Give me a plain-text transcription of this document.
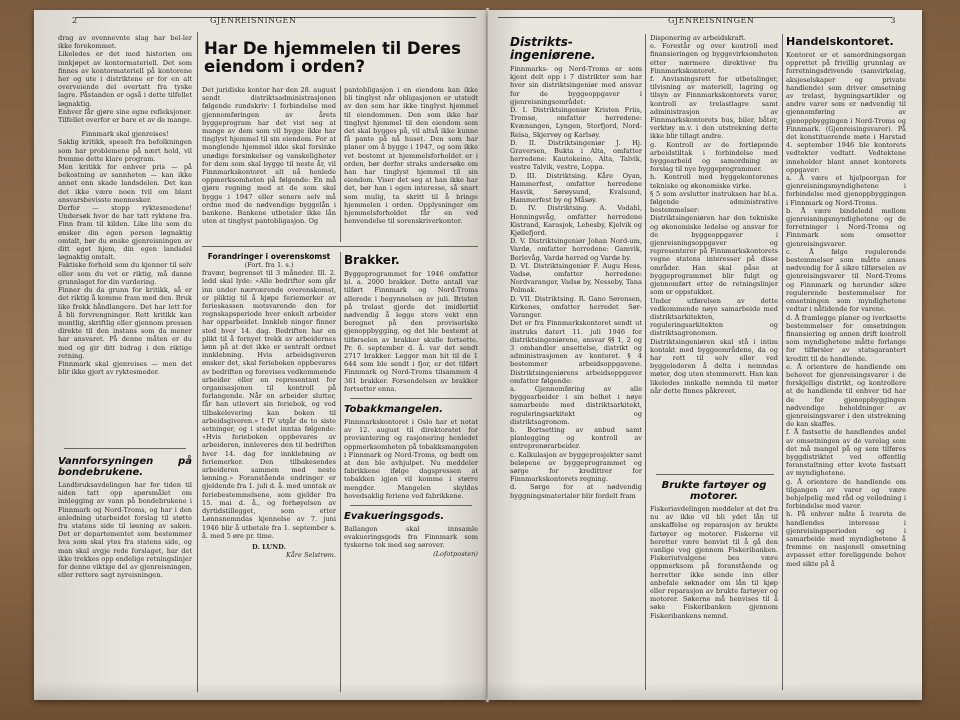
2	GJENREISNINGEN

drag av ovennevnte slag har bel-ler ikke forekommet.

Likeledes er det med historien om innkjøpet av kontormateriell. Det som finnes av kontormateriell på kontorene her og ute i distriktene er for en alt overveiende del overtatt fra tyske lagre. Påstanden er også i dette tilfellet løgnaktig.

Enhver får gjøre sine egne refleksjoner. Tilfellet overfor er bare et av de mange.

Finnmark skal gjenreises!

Saklig kritikk, speselt fra befolkningen som har problemene på nært hold, vil fremme dette klare program.

Men kritikk for enhver pris — på bekostning av sannheten — kan ikke annet enn skade landsdelen. Det kan det ikke være noen tvil om blant ansvarsbevisste mennesker.

Derfor — stopp ryktesmedene! Undersøk hvor de har tatt ryktene fra. Finn fram til kilden. Like lite som du ønsker din egen person løgnaktig omtalt, bør du ønske gjenreisningen av ditt eget hjem, din egen landsdel løgnaktig omtalt.

Faktiske forhold som du kjenner til selv eller som du vet er riktig, må danne grunnlaget for din vurdering.

Finner du da grunn for kritikk, så er det riktig å komme fram med den. Bruk like frekk håndlangere. Det har lett for å bli forvrengninger. Rett kritikk kan muntlig, skriftlig eller gjennom pressen direkte til den instans som da mener har ansvaret. På denne måten er du med og gir ditt bidrag i den riktige retning.

Finnmark skal gjenreises — men det blir ikke gjort av ryktesmeder.

Vannforsyningen på bondebrukene.

Landbruksavdelingen har for tiden til siden tatt opp spørsmålet om innlegging av vann på bondebrukene i Finnmark og Nord-Troms, og har i den anledning utarbeidet forslag til støtte fra statens side til løsning av saken. Det er departementet som bestemmer hva som skal ytes fra statens side, og man skal avgje rede forslaget, har det ikke trekkes opp endelige retningslinjer for denne viktige del av gjenreisningen, eller rettere sagt nyreisningen.

Har De hjemmelen til Deres eiendom i orden?

Det juridiske kontor har den 28. august sendt distriktsadministrasjonen følgende rundskriv: I forbindelse med gjennomføringen av årets byggeprogram har det vist seg at mange av dem som vil bygge ikke har tinglyst hjemmel til sin eiendom. For at manglende hjemmel ikke skal forsinke unødige forsinkelser og vanskeligheter for dem som skal bygge til neste år, vil Finnmarkskontoret alt nå henlede oppmerksomheten på følgende: En må gjøre regning med at de som skal bygge i 1947 eller senere selv må ordne med de nødvendige byggelån i bankene. Bankene utbetaler ikke lån uten at tinglyst pantobligasjon. Og

pantobligasjon i en eiendom kan ikke bli tinglyst når obligasjonen er utstedt av den som har ikke tinglyst hjemmel til eiendommen. Den som ikke har tinglyst hjemmel til den eiendom som det skal bygges på, vil altså ikke kunne få pante på nå huset. Den som har planer om å bygge i 1947, og som ikke vet bestemt at hjemmelsforholdet er i orden, bør derfor straks undersøke om han har tinglyst hjemmel til sin eiendom. Viser det seg at han ikke har det, bør han i egen interesse, så snart som mulig, ta skritt til å bringe hjemmelen i orden. Opplysninger om hjemmelsforholdet får en ved henvendelse til sorenskriverkontor.

Forandringer i overenskomst
(Fort. fra 1. s.)

fravær, begrenset til 3 måneder. Ill. 2. ledd skal lyde: «Alle bedrifter som går inn under nærværende overenskomst, er pliktig til å kjøpe feriemerker av ferieskassen motsvarende den for regnskapsperiode hver enkelt arbeider har opparbeidet. Innkleb ninger finner sted hver 14. dag. Bedriften har en plikt til å fornyet trekk av arbeidernes lønn på at det ikke er sentralt ordnet innklebning. Hvis arbeidsgiveren ønsker det, skal ferieboken oppbevares av bedriften og forevises vedkommende arbeider eller en representant for organisasjonen til kontroll på forlangende. Når en arbeider slutter, får han utlevert sin feriebok, og ved tilbakelevering kan boken til arbeidsgiveren.» I IV utgår de to siste setninger, og i stedet inntas følgende: «Hvis ferieboken oppbevares av arbeideren, innleveres den til bedriften hver 14. dag for innklebning av feriemerker. Den tilbakesendes arbeideren sammen med neste lønning.» Foranstående endringer er gjeldende fra 1. juli d. å. med unntak av feriebestemmelsene, som gjelder fra 15. mai d. å., og forhøyelsen av dyrtidstillegget, som etter Lønnsnemndas kjennelse av 7. juni 1946 blir å utbetale fra 1. september s. å. med 5 øre pr. time.

D. LUND.

Kåre Selstrøm.

Brakker.

Byggeprogrammet for 1946 omfatter bl. a. 2000 brakker. Dette antall var tilført Finnmark og Nord-Troms allerede i begynnelsen av juli. Bristen på trelast gjorde det imidlertid nødvendig å legge store vekt enn beregnet på den provisoriske gjenoppbygging, og det ble bestemt at tilførselen av brakker skulle fortsette. Pr. 6. september d. å. var det sendt 2717 brakker. Legger man hit til de 1 644 som ble sendt i fjor, er det tilført Finnmark og Nord-Troms tilsammen 4 361 brakker. Forsendelsen av brakker fortsetter enna.

Tobakkmangelen.

Finnmarkskontoret i Oslo har et notat av 12. august til direktoratet for proviantering og rasjonering henledet oppmerksomheten på tobakksmangelen i Finnmark og Nord-Troms, og bedt om at den ble avhjulpet. Nu meddeler fabrikkene ifølge dagspressen at tobakken igjen vil komme i større mengder. Mangelen skyldes hovedsaklig feriene ved fabrikkene.

Evakueringsgods.

Ballangen skal innsamle evakueringsgods fra Finnmark som tyskerne tok med seg sørover.

(Lofotposten)

GJENREISNINGEN	3
Distrikts-ingeniørene.

Finnmarks- og Nord-Troms er som kjent delt opp i 7 distrikter som har hver sin distriktsingeniør med ansvar for de byggeoppgaver i gjenreisningsområdet:

D. I. Distriktsingeniør Kristen Friis, Tromsø, omfatter herredene: Kvænangen, Lyngen, Storfjord, Nord-Reisa, Skjervøy og Karlsøy.

D. II. Distriktsingeniør J. Hj. Graversen, Bukta i Alta, omfatter herredene: Kautokeino, Alta, Talvik, vestre Talvik, vestre, Loppa.

D. III. Distriktsing. Kåre Oyan, Hammerfest, omfatter herredene Hasvik, Sørøysund, Kvalsund, Hammerfest by og Måsøy.

D. IV. Distriktsing. A. Vodahl, Honningsvåg, omfatter herredene Kistrand, Karasjok, Lebesby, Kjelvik og Kjøllefjord.

D. V. Distriktsingeniør Johan Nord-um, Vardø, omfatter herredene: Gamvik, Berlevåg, Vardø herred og Vardø by.

D. VI. Distriktsingeniør F. Augu Hess, Vadsø, omfatter herredene: Nordvaranger, Vadsø by, Nesseby, Tana Polmak.

D. VII. Distriktsing. R. Gano Sørensen, Kirkenes, omfatter herredet Sør-Varanger.

Det er fra Finnmarkskontoret sendt ut instruks datert 11. juli 1946 for distriktsingeniørene, ansvar §§ 1, 2 og 3 omhandler ansettelse, distrikt og administrasjonen av kontoret. § 4 bestemmer arbeidsoppgavene. Distriktsingeniørens arbeidsoppgaver omfatter følgende:

a. Gjennomføring av alle byggearbeider i sin helhet i nøye samarbeide med distriktsarkitekt, reguleringsarkitekt og distriktsagronom.

b. Bortsetting av anbud samt planlegging og kontroll av entreprenørarbeider.

c. Kalkulasjon av byggeprosjekter samt beløpene av byggeprogrammet og sørge for kredittrer for Finnmarkskontorets regning.

d. Sørge for at nødvendig byggningsmaterialer blir fordelt fram

Disponering av arbeidskraft.

e. Forestår og over kontroll med finansieringen og byggevirksomheten etter nærmere direktiver fra Finnmarkskontoret.

f. Anvisningsrett for utbetalinger, tilvisning av materiell, lagring og tilsyn av Finnmarkskontorets varer, kontroll av trelastlagre samt administrasjon av Finnmarkskontorets hus, biler, båter, verktøy m.v. i den utstrekning dette ikke blir tillagt andre.

g. Kontroll av de fortløpende arbeidstiltak i forbindelse med byggearbeid og samordning av forslag til nye byggeprogrammer.

h. Kontroll med byggekontorenes tekniske og økonomiske virke.

§ 5 som avslutter instruksen har bl.a. følgende administrative bestemmelser:

Distriktsingeniøren har den tekniske og økonomiske ledelse og ansvar for de byggeoppgaver i gjenreisningsoppgaver og representerer på Finnmarkskontorets vegne statens interesser på disse områder. Han skal påse at byggeprogrammet blir fulgt og gjennomført etter de retningslinjer som er oppstukket.

Under utførelsen av dette vedkommende nøye samarbeide med distriktsarkitekten, reguleringsarkitekten og distriktsagronomen.

Distriktsingeniøren skal stå i intim kontakt med byggeområdene, da og har rett til selv eller ved byggelederen å delta i nemndas møter, dog uten stemmerett. Han kan likeledes innkalle nemnda til møter når dette finnes påkrevet.

Brukte fartøyer og motorer.

Fiskeriavdelingen meddeler at det fra nu av ikke vil bli ydet lån til anskaffelse og reparasjon av brukte fartøyer og motorer. Fiskerne vil heretter være henvist til å gå den vanlige veg gjennom Fiskeribanken. Fiskeriutvalgene bes være oppmerksom på foranstående og herretter ikke sende inn eller anbefale søknader om lån til kjøp eller reparasjon av brukte fartøyer og motorer. Søkerne må henvises til å søke Fiskeribanken gjennom Fiskeribankens nemnd.

Handelskontoret.

Kontoret er et samordningsorgan opprettet på frivillig grunnlag av forretningsdrivende (samvirkelag, aksjeselskaper og private handlende) som driver omsetning av trelast, bygningsartikler og andre varer som er nødvendig til gjennomføring av gjenoppbyggingen i Nord-Troms og Finnmark. (Gjenreisingsvarer). På det konstituerende møte i Harstad 4. september 1946 ble kontorets vedtekter vedtatt. Vedtektene inneholder blant annet kontorets oppgaver:

a. Å være et hjelpeorgan for gjenreisningsmyndighetene i forbindelse med gjenoppbyggingen i Finnmark og Nord-Troms.

b. Å være bindeledd mellom gjenreisningsmyndighetene og de forretninger i Nord-Troms og Finnmark som omsetter gjenreisingsvarer.

c. Å følge regulerende bestemmelser som måtte anses nødvendig for å sikre tilførselen av gjenreisingsvarer til Nord-Troms og Finnmark og herunder sikre regulerende bestemmelser for omsetningen som myndighetene vedtar i nåtidende for varene.

d. Å framlegge planer og iverksette bestemmelser for omsetningen finansiering og annen drift kontroll som myndighetene måtte forlange for tilførsler av statsgarantert kreditt til de handlende.

e. Å orientere de handlende om behovet for gjenreisingsvarer i de forskjellige distrikt, og kontrollere at de handlende til enhver tid har de for gjenoppbyggingen nødvendige beholdninger av gjenreisingsvarer i den utstrekning de kan skaffes.

f. Å fastsette de handlendes andel av omsetningen av de varelag som det må mangel på og som tilføres byggdistriktet ved offentlig foranstaltning etter kvote fastsatt av myndighetene.

g. Å orientere de handlende om tilgangen av varer og være behjelpelig med råd og veiledning i forbindelse med varer.

h. På enhver måte å ivareta de handlendes interesse i gjenreisingsperioden og i samarbeide med myndighetene å fremme en nasjonell omsetning avpasset etter foreliggende behov med sikte på å
